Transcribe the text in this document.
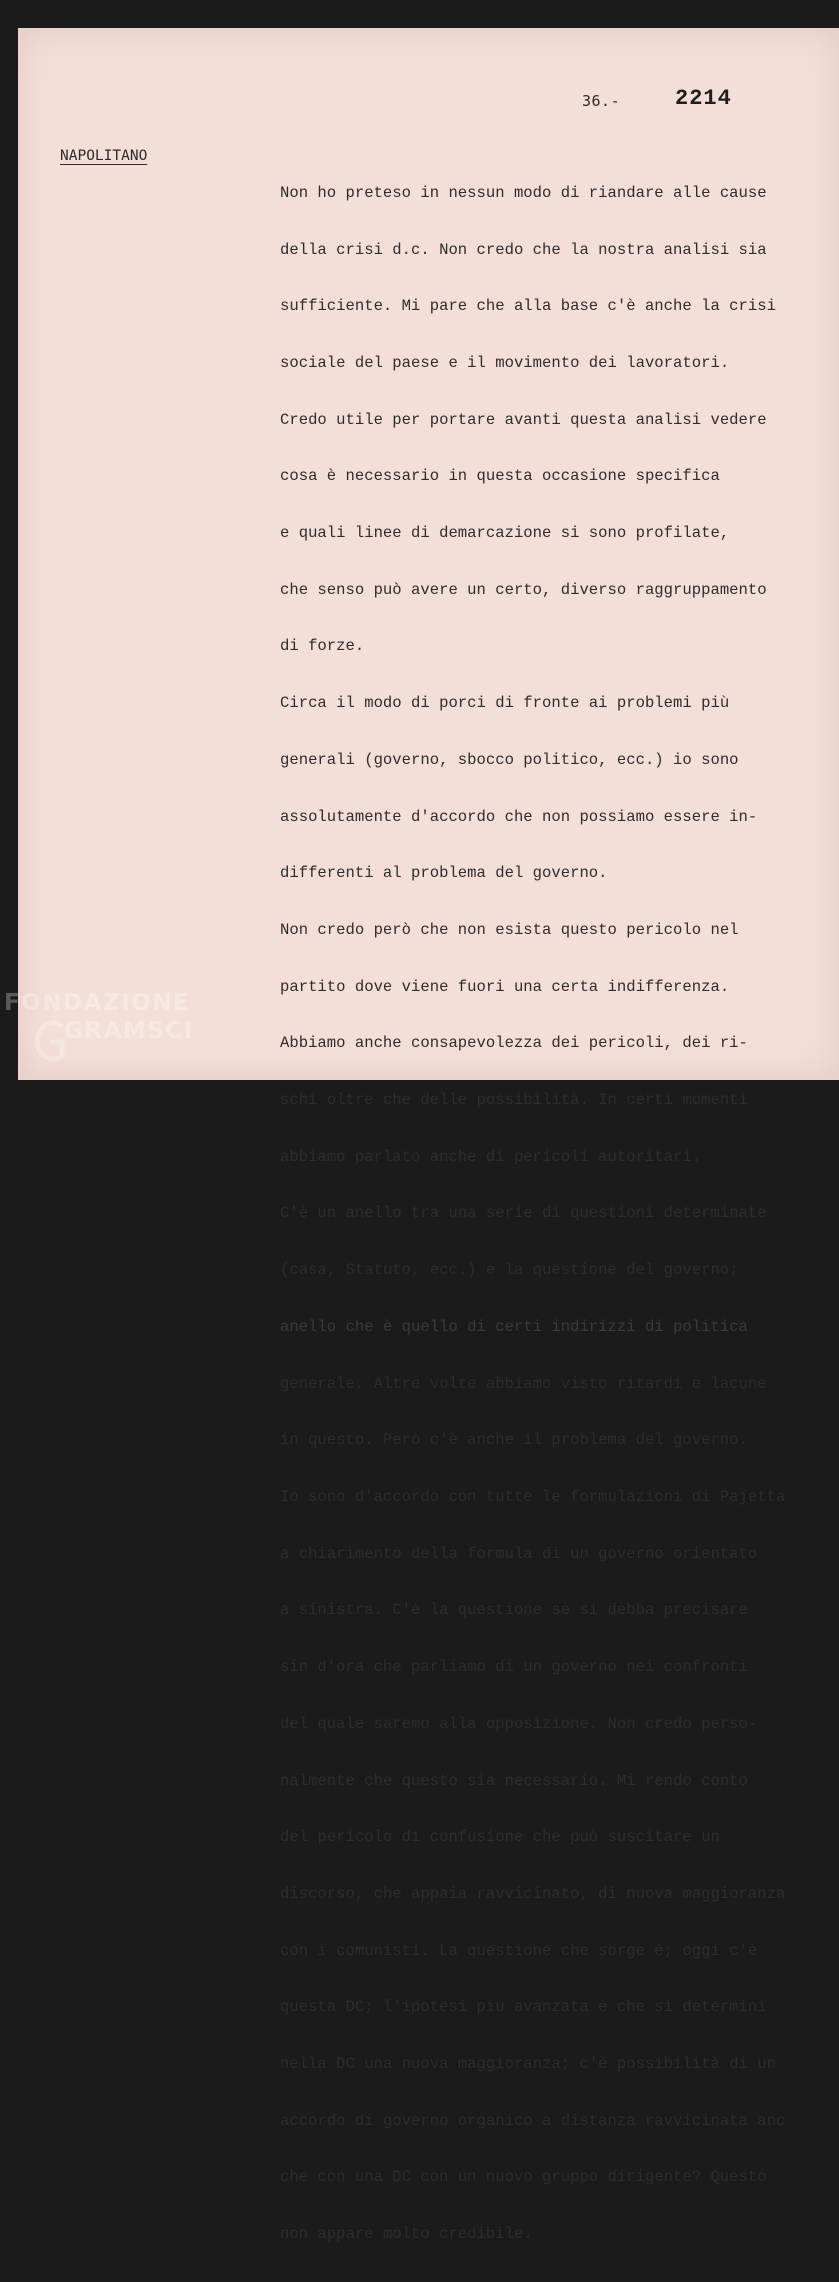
36.- 2214
NAPOLITANO

Non ho preteso in nessun modo di riandare alle cause

della crisi d.c. Non credo che la nostra analisi sia

sufficiente. Mi pare che alla base c'è anche la crisi

sociale del paese e il movimento dei lavoratori.

Credo utile per portare avanti questa analisi vedere

cosa è necessario in questa occasione specifica

e quali linee di demarcazione si sono profilate,

che senso può avere un certo, diverso raggruppamento

di forze.

Circa il modo di porci di fronte ai problemi più

generali (governo, sbocco politico, ecc.) io sono

assolutamente d'accordo che non possiamo essere in-

differenti al problema del governo.

Non credo però che non esista questo pericolo nel

partito dove viene fuori una certa indifferenza.

Abbiamo anche consapevolezza dei pericoli, dei ri-

schi oltre che delle possibilità. In certi momenti

abbiamo parlato anche di pericoli autoritari.

C'è un anello tra una serie di questioni determinate

(casa, Statuto, ecc.) e la questione del governo;

anello che è quello di certi indirizzi di politica

generale. Altre volte abbiamo visto ritardi e lacune

in questo. Però c'è anche il problema del governo.

Io sono d'accordo con tutte le formulazioni di Pajetta

a chiarimento della formula di un governo orientato

a sinistra. C'è la questione se si debba precisare

sin d'ora che parliamo di un governo nei confronti

del quale saremo alla opposizione. Non credo perso-

nalmente che questo sia necessario. Mi rendo conto

del pericolo di confusione che può suscitare un

discorso, che appaia ravvicinato, di nuova maggioranza

con i comunisti. La questione che sorge è; oggi c'è

questa DC; l'ipotesi più avanzata è che si determini

nella DC una nuova maggioranza; c'è possibilità di un

accordo di governo organico a distanza ravvicinata anc

che con una DC con un nuovo gruppo dirigente? Questo

non appare molto credibile.

FONDAZIONE
GRAMSCI
